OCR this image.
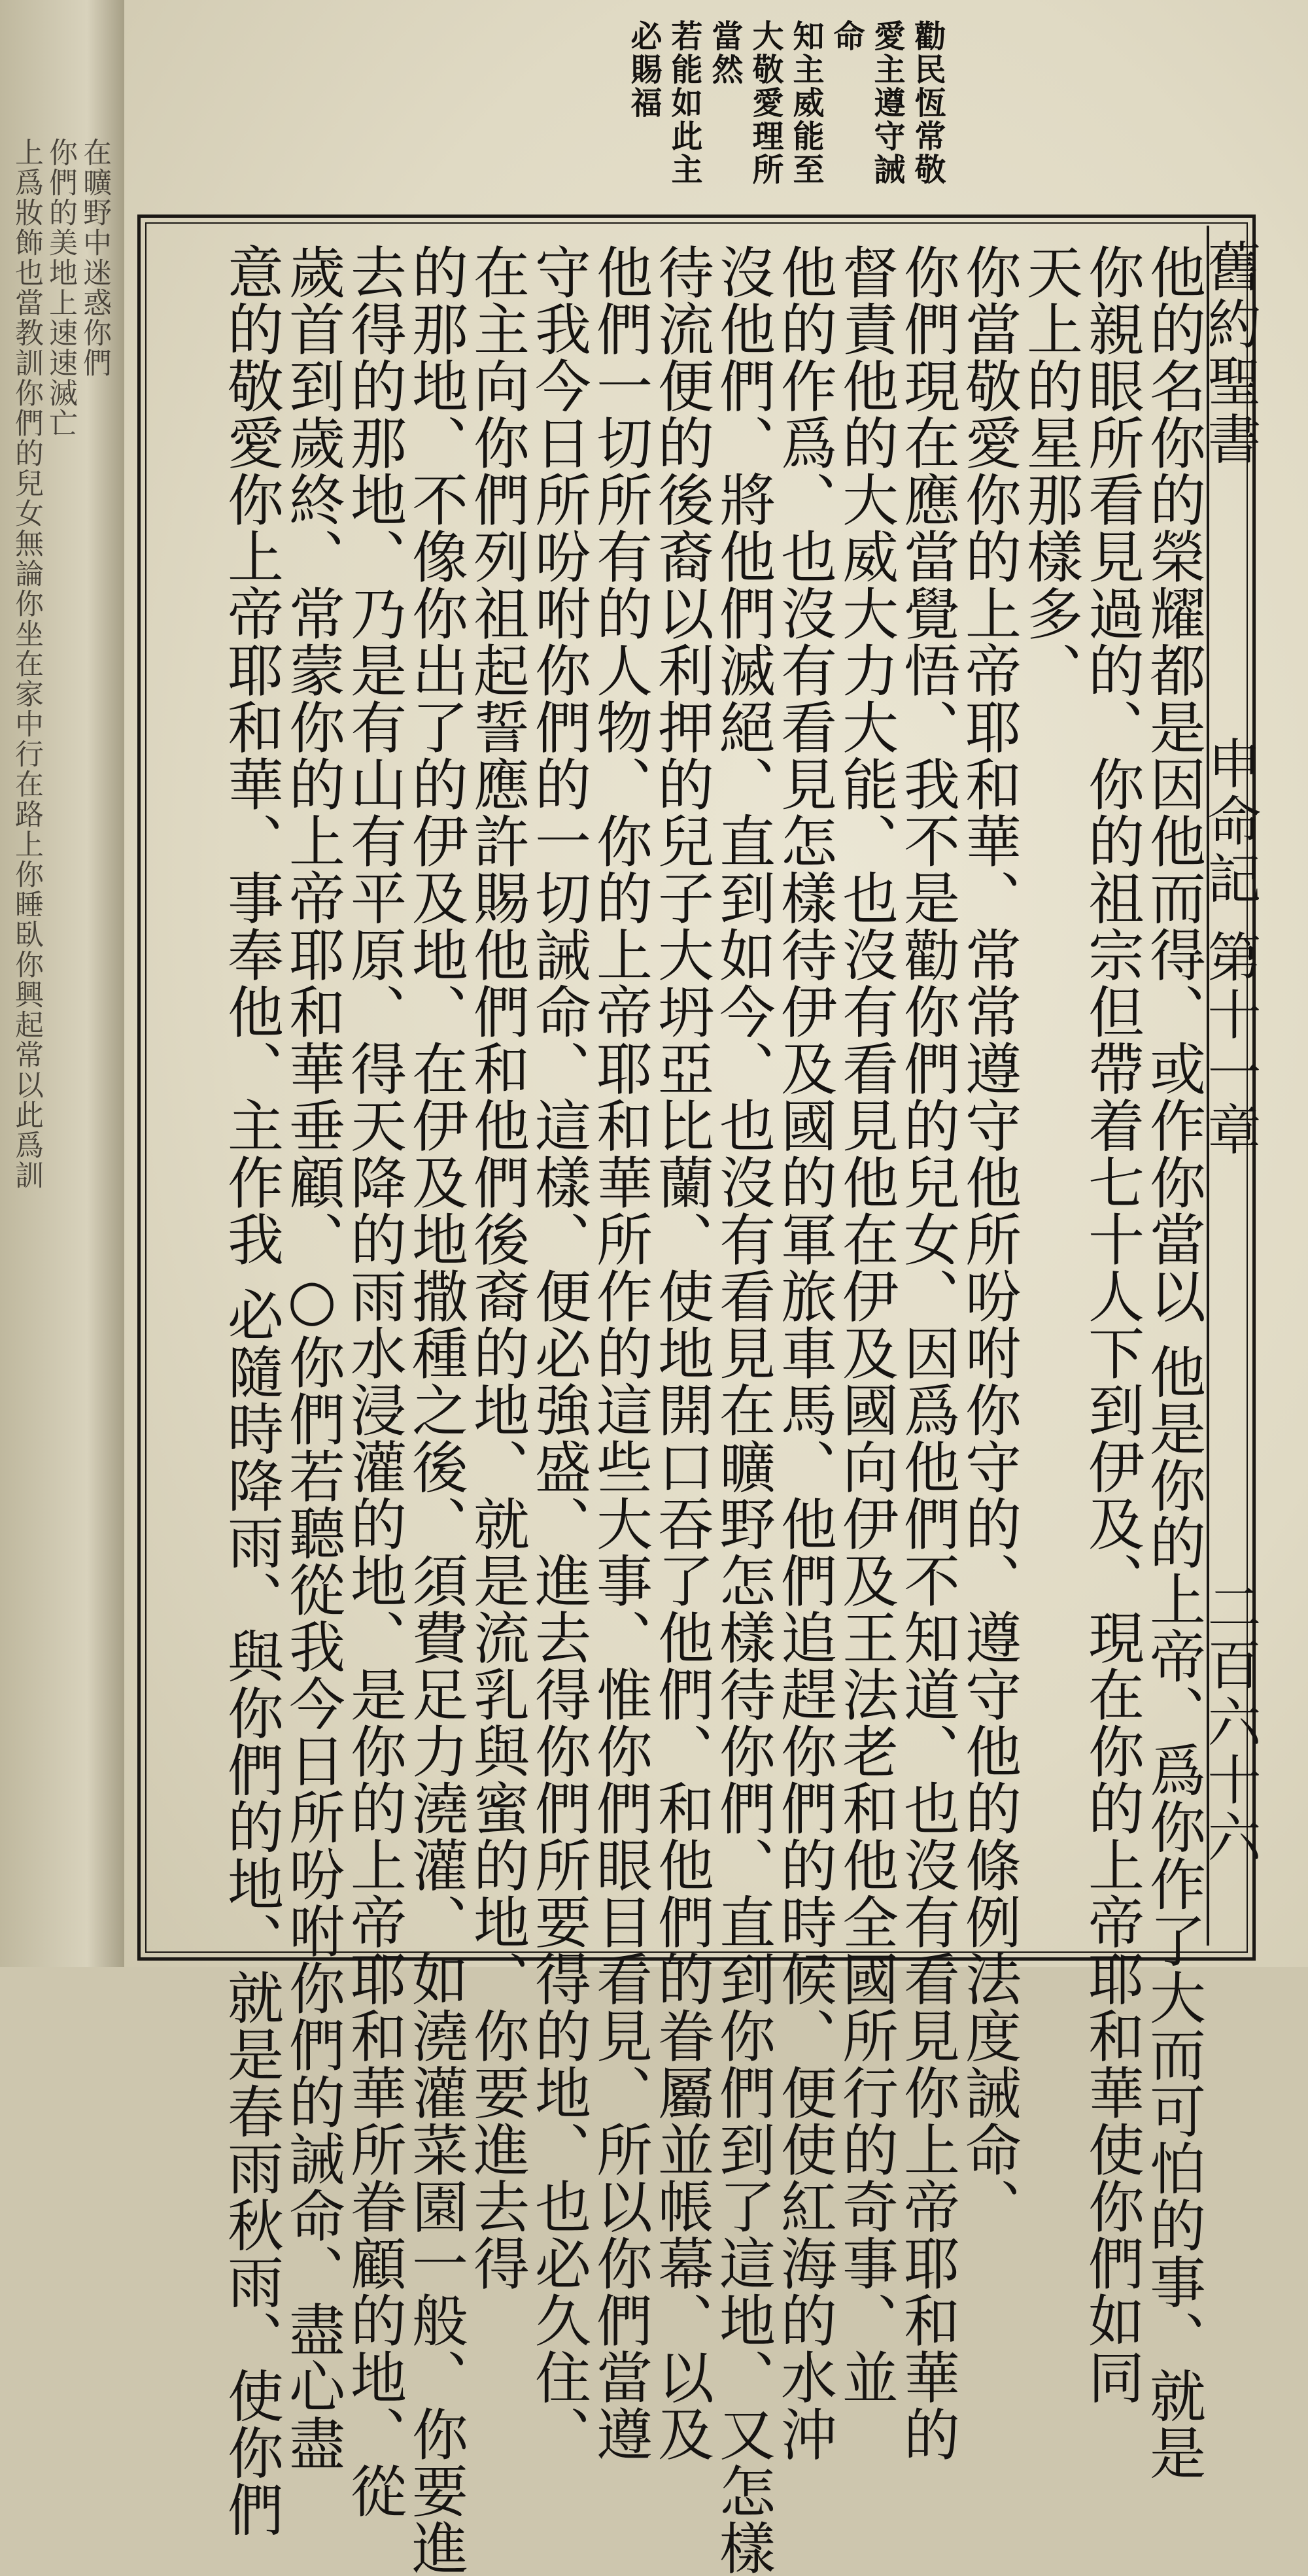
在曠野中迷惑你們
你們的美地上速速滅亡
上爲妝飾也當教訓你們的兒女無論你坐在家中行在路上你睡臥你興起常以此爲訓
勸民恆常敬
愛主遵守誡
命
知主威能至
大敬愛理所
當然
若能如此主
必賜福
舊約聖書
申命記 第十一章
二百六十六
他的名你的榮耀都是因他而得、或作你當以 他是你的上帝、爲你作了大而可怕的事、就是
你親眼所看見過的、你的祖宗但帶着七十人下到伊及、現在你的上帝耶和華使你們如同
天上的星那樣多、
你當敬愛你的上帝耶和華、常常遵守他所吩咐你守的、遵守他的條例法度誡命、
你們現在應當覺悟、我不是勸你們的兒女、因爲他們不知道、也沒有看見你上帝耶和華的
督責他的大威大力大能、也沒有看見他在伊及國向伊及王法老和他全國所行的奇事、並
他的作爲、也沒有看見怎樣待伊及國的軍旅車馬、他們追趕你們的時候、便使紅海的水沖
沒他們、將他們滅絕、直到如今、也沒有看見在曠野怎樣待你們、直到你們到了這地、又怎樣
待流便的後裔以利押的兒子大坍亞比蘭、使地開口吞了他們、和他們的眷屬並帳幕、以及
他們一切所有的人物、你的上帝耶和華所作的這些大事、惟你們眼目看見、所以你們當遵
守我今日所吩咐你們的一切誡命、這樣、便必強盛、進去得你們所要得的地、也必久住、
在主向你們列祖起誓應許賜他們和他們後裔的地、就是流乳與蜜的地、你要進去得
的那地、不像你出了的伊及地、在伊及地撒種之後、須費足力澆灌、如澆灌菜園一般、你要進
去得的那地、乃是有山有平原、得天降的雨水浸灌的地、是你的上帝耶和華所眷顧的地、從
歲首到歲終、常蒙你的上帝耶和華垂顧、○你們若聽從我今日所吩咐你們的誡命、盡心盡
意的敬愛你上帝耶和華、事奉他、主作我 必隨時降雨、與你們的地、就是春雨秋雨、使你們
